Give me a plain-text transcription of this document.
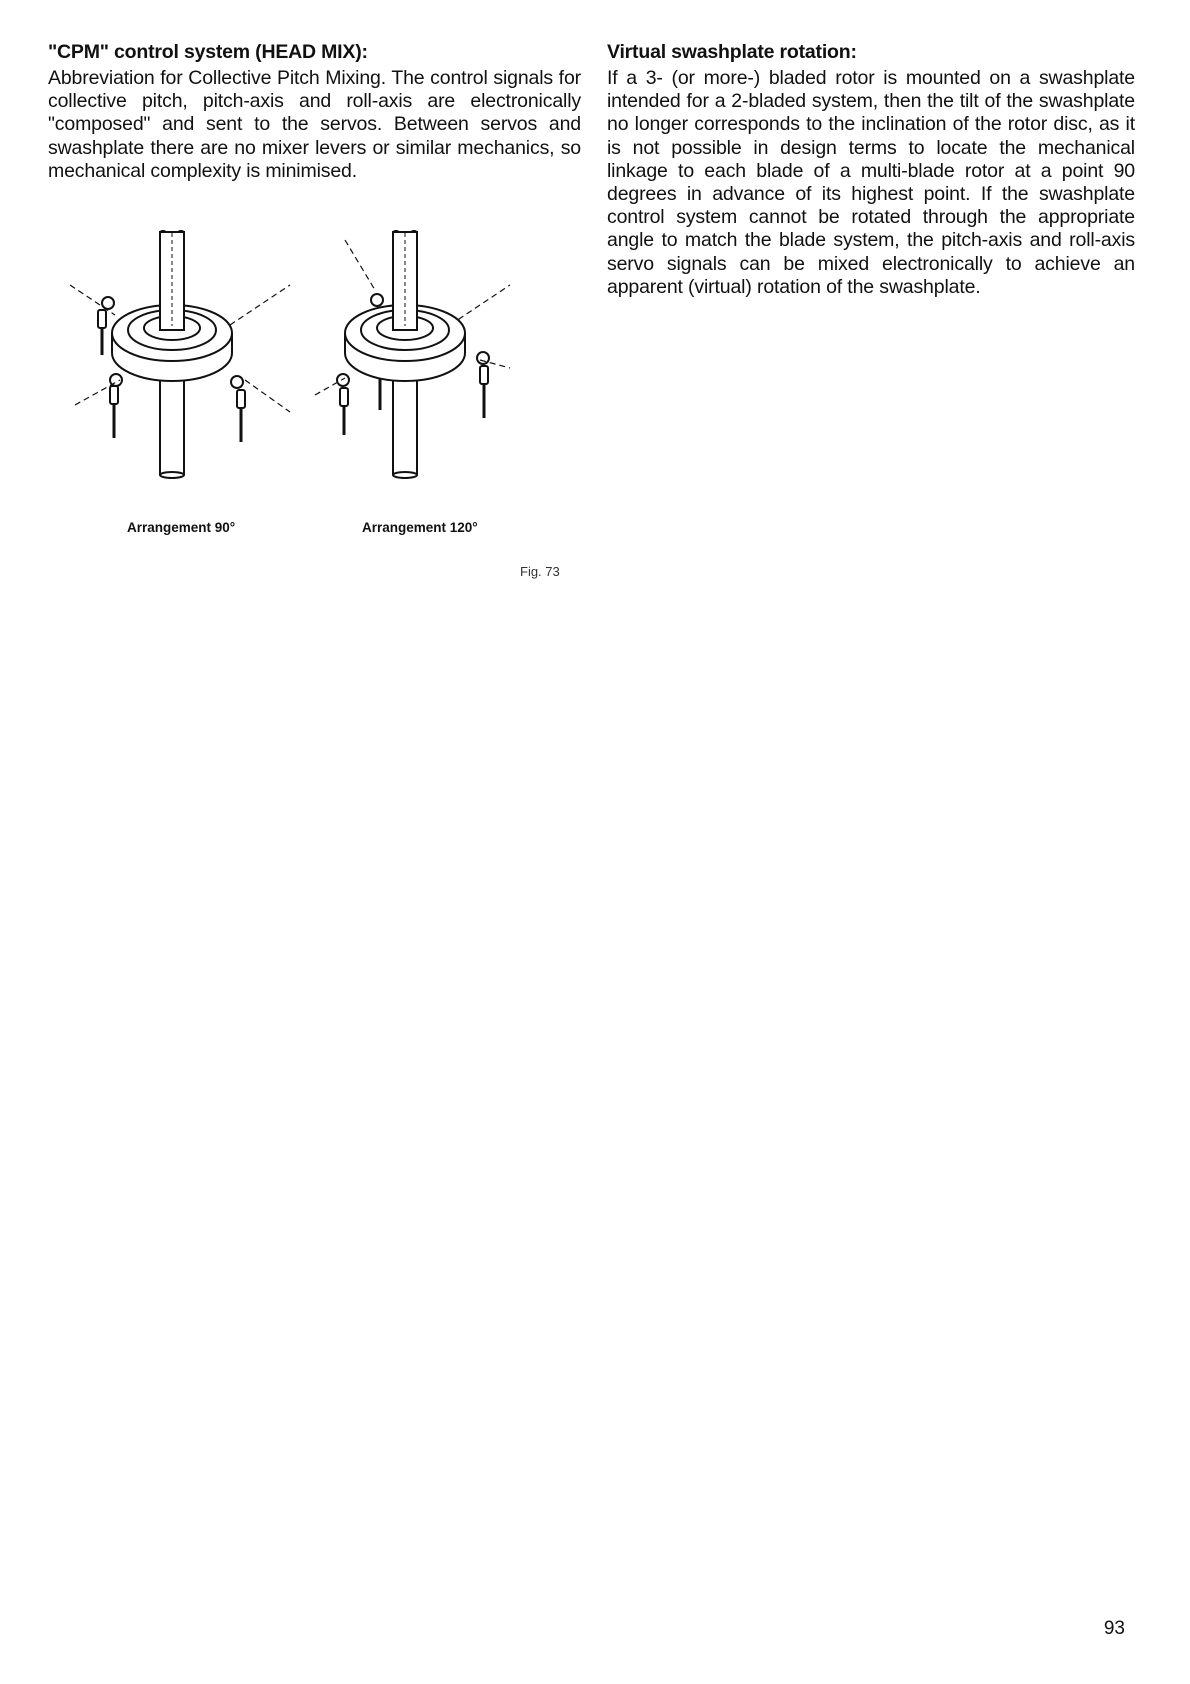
"CPM" control system (HEAD MIX):

Abbreviation for Collective Pitch Mixing. The control signals for collective pitch, pitch-axis and roll-axis are electronically "composed" and sent to the servos. Between servos and swashplate there are no mixer levers or similar mechanics, so mechanical complexity is minimised.

Virtual swashplate rotation:

If a 3- (or more-) bladed rotor is mounted on a swashplate intended for a 2-bladed system, then the tilt of the swashplate no longer corresponds to the inclination of the rotor disc, as it is not possible in design terms to locate the mechanical linkage to each blade of a multi-blade rotor at a point 90 degrees in advance of its highest point. If the swashplate control system cannot be rotated through the appropriate angle to match the blade system, the pitch-axis and roll-axis servo signals can be mixed electronically to achieve an apparent (virtual) rotation of the swashplate.

Arrangement 90°	Arrangement 120°
Fig. 73
93
